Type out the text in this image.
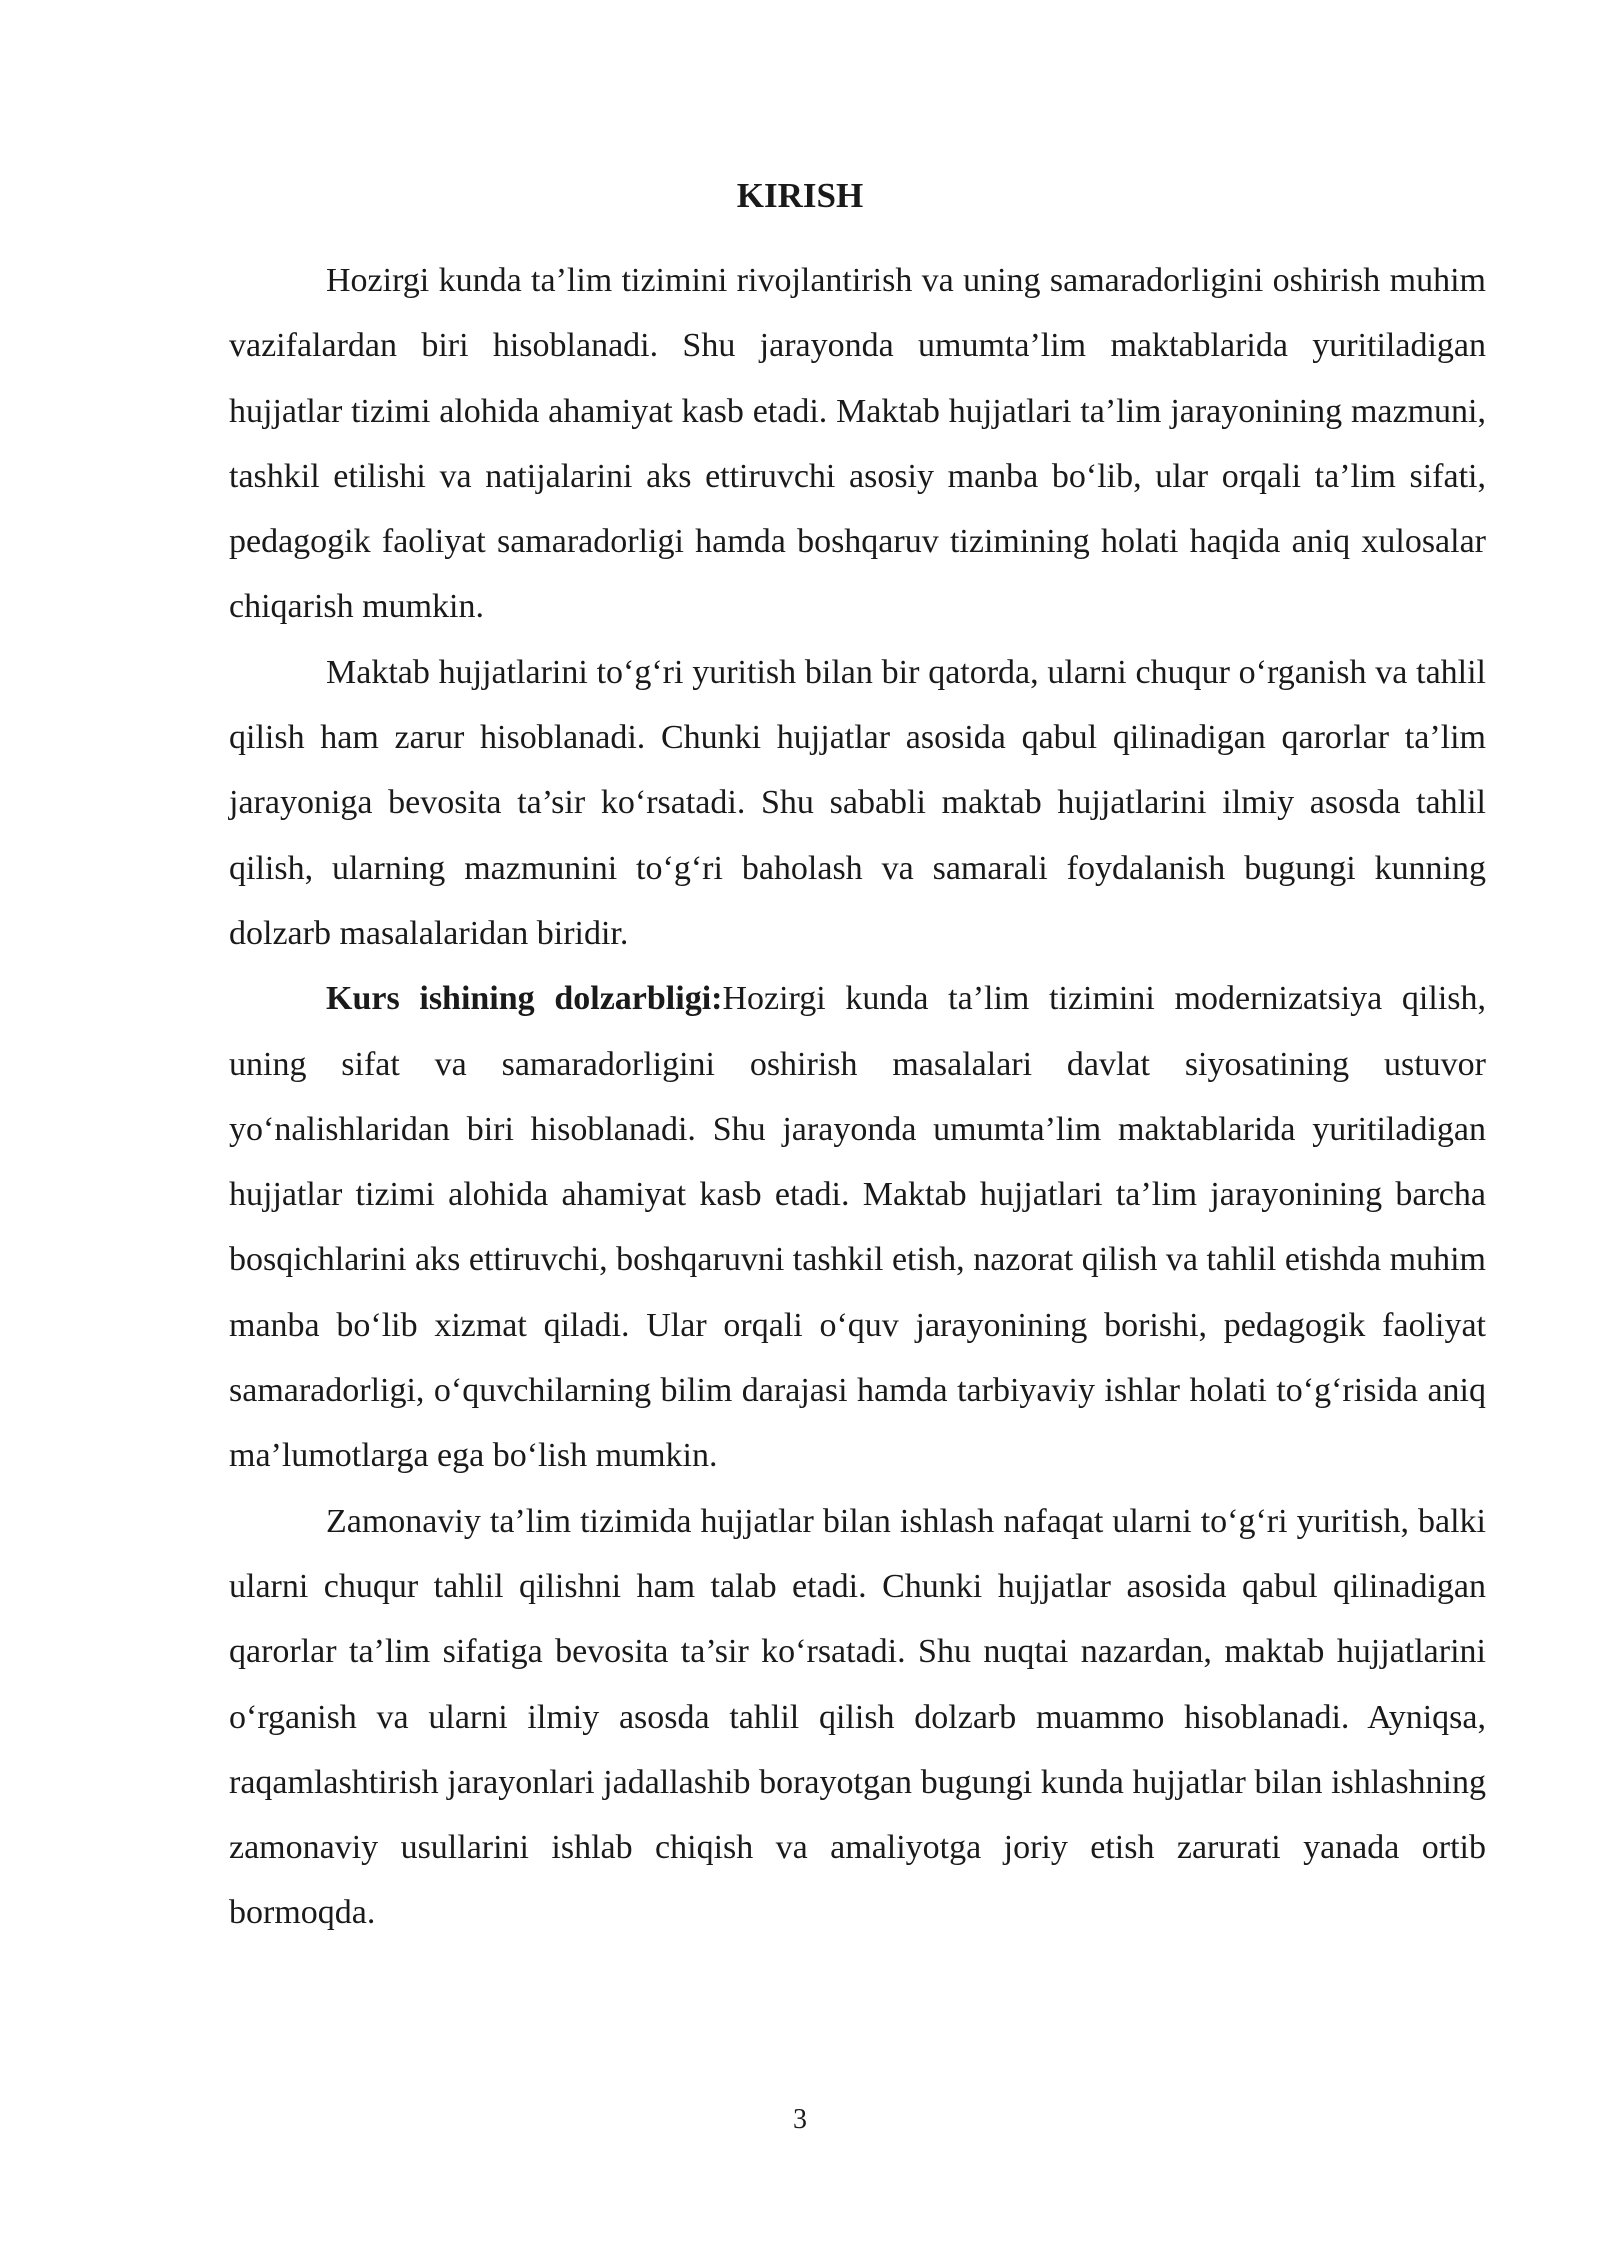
KIRISH

Hozirgi kunda ta’lim tizimini rivojlantirish va uning samaradorligini oshirish muhim vazifalardan biri hisoblanadi. Shu jarayonda umumta’lim maktablarida yuritiladigan hujjatlar tizimi alohida ahamiyat kasb etadi. Maktab hujjatlari ta’lim jarayonining mazmuni, tashkil etilishi va natijalarini aks ettiruvchi asosiy manba bo‘lib, ular orqali ta’lim sifati, pedagogik faoliyat samaradorligi hamda boshqaruv tizimining holati haqida aniq xulosalar chiqarish mumkin.

Maktab hujjatlarini to‘g‘ri yuritish bilan bir qatorda, ularni chuqur o‘rganish va tahlil qilish ham zarur hisoblanadi. Chunki hujjatlar asosida qabul qilinadigan qarorlar ta’lim jarayoniga bevosita ta’sir ko‘rsatadi. Shu sababli maktab hujjatlarini ilmiy asosda tahlil qilish, ularning mazmunini to‘g‘ri baholash va samarali foydalanish bugungi kunning dolzarb masalalaridan biridir.

Kurs ishining dolzarbligi:Hozirgi kunda ta’lim tizimini modernizatsiya qilish, uning sifat va samaradorligini oshirish masalalari davlat siyosatining ustuvor yo‘nalishlaridan biri hisoblanadi. Shu jarayonda umumta’lim maktablarida yuritiladigan hujjatlar tizimi alohida ahamiyat kasb etadi. Maktab hujjatlari ta’lim jarayonining barcha bosqichlarini aks ettiruvchi, boshqaruvni tashkil etish, nazorat qilish va tahlil etishda muhim manba bo‘lib xizmat qiladi. Ular orqali o‘quv jarayonining borishi, pedagogik faoliyat samaradorligi, o‘quvchilarning bilim darajasi hamda tarbiyaviy ishlar holati to‘g‘risida aniq ma’lumotlarga ega bo‘lish mumkin.

Zamonaviy ta’lim tizimida hujjatlar bilan ishlash nafaqat ularni to‘g‘ri yuritish, balki ularni chuqur tahlil qilishni ham talab etadi. Chunki hujjatlar asosida qabul qilinadigan qarorlar ta’lim sifatiga bevosita ta’sir ko‘rsatadi. Shu nuqtai nazardan, maktab hujjatlarini o‘rganish va ularni ilmiy asosda tahlil qilish dolzarb muammo hisoblanadi. Ayniqsa, raqamlashtirish jarayonlari jadallashib borayotgan bugungi kunda hujjatlar bilan ishlashning zamonaviy usullarini ishlab chiqish va amaliyotga joriy etish zarurati yanada ortib bormoqda.

3
